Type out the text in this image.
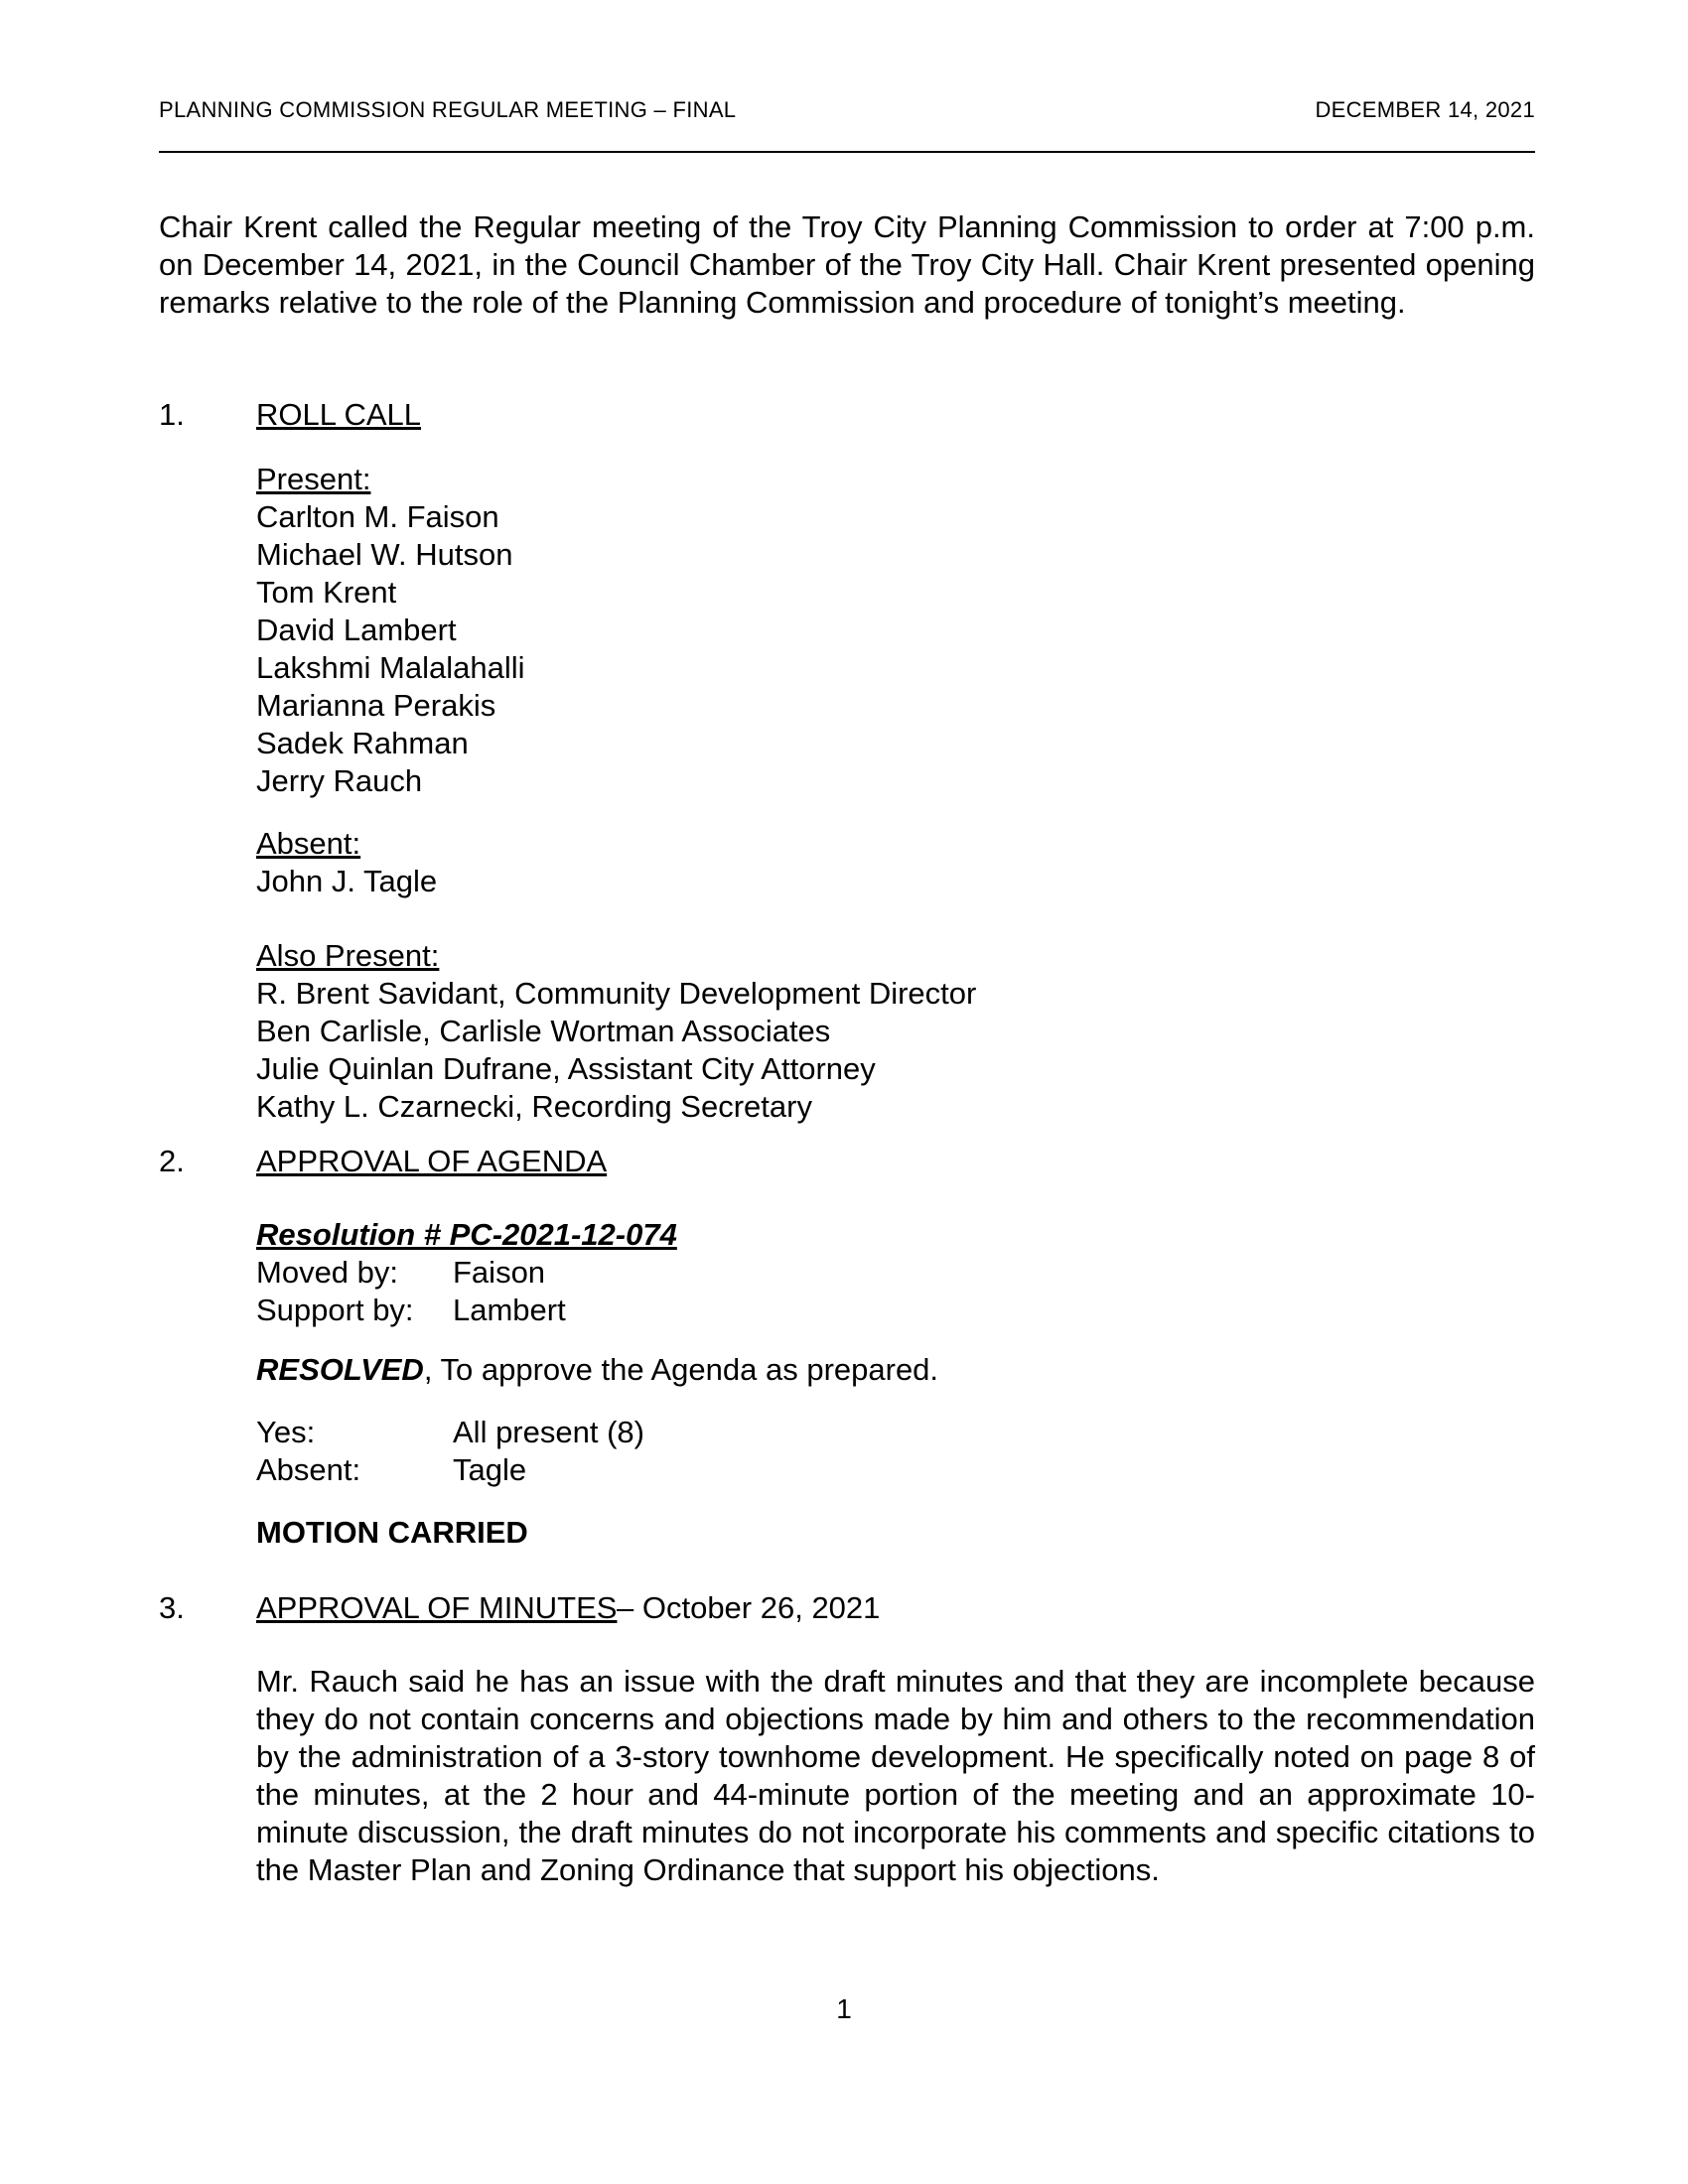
PLANNING COMMISSION REGULAR MEETING – FINAL	DECEMBER 14, 2021
Chair Krent called the Regular meeting of the Troy City Planning Commission to order at 7:00 p.m. on December 14, 2021, in the Council Chamber of the Troy City Hall. Chair Krent presented opening remarks relative to the role of the Planning Commission and procedure of tonight’s meeting.
1. ROLL CALL
Present:
Carlton M. Faison
Michael W. Hutson
Tom Krent
David Lambert
Lakshmi Malalahalli
Marianna Perakis
Sadek Rahman
Jerry Rauch
Absent:
John J. Tagle
Also Present:
R. Brent Savidant, Community Development Director
Ben Carlisle, Carlisle Wortman Associates
Julie Quinlan Dufrane, Assistant City Attorney
Kathy L. Czarnecki, Recording Secretary
2. APPROVAL OF AGENDA
Resolution # PC-2021-12-074
Moved by: Faison
Support by: Lambert
RESOLVED, To approve the Agenda as prepared.
Yes:	All present (8)
Absent:	Tagle
MOTION CARRIED
3. APPROVAL OF MINUTES – October 26, 2021
Mr. Rauch said he has an issue with the draft minutes and that they are incomplete because they do not contain concerns and objections made by him and others to the recommendation by the administration of a 3-story townhome development. He specifically noted on page 8 of the minutes, at the 2 hour and 44-minute portion of the meeting and an approximate 10-minute discussion, the draft minutes do not incorporate his comments and specific citations to the Master Plan and Zoning Ordinance that support his objections.
1
